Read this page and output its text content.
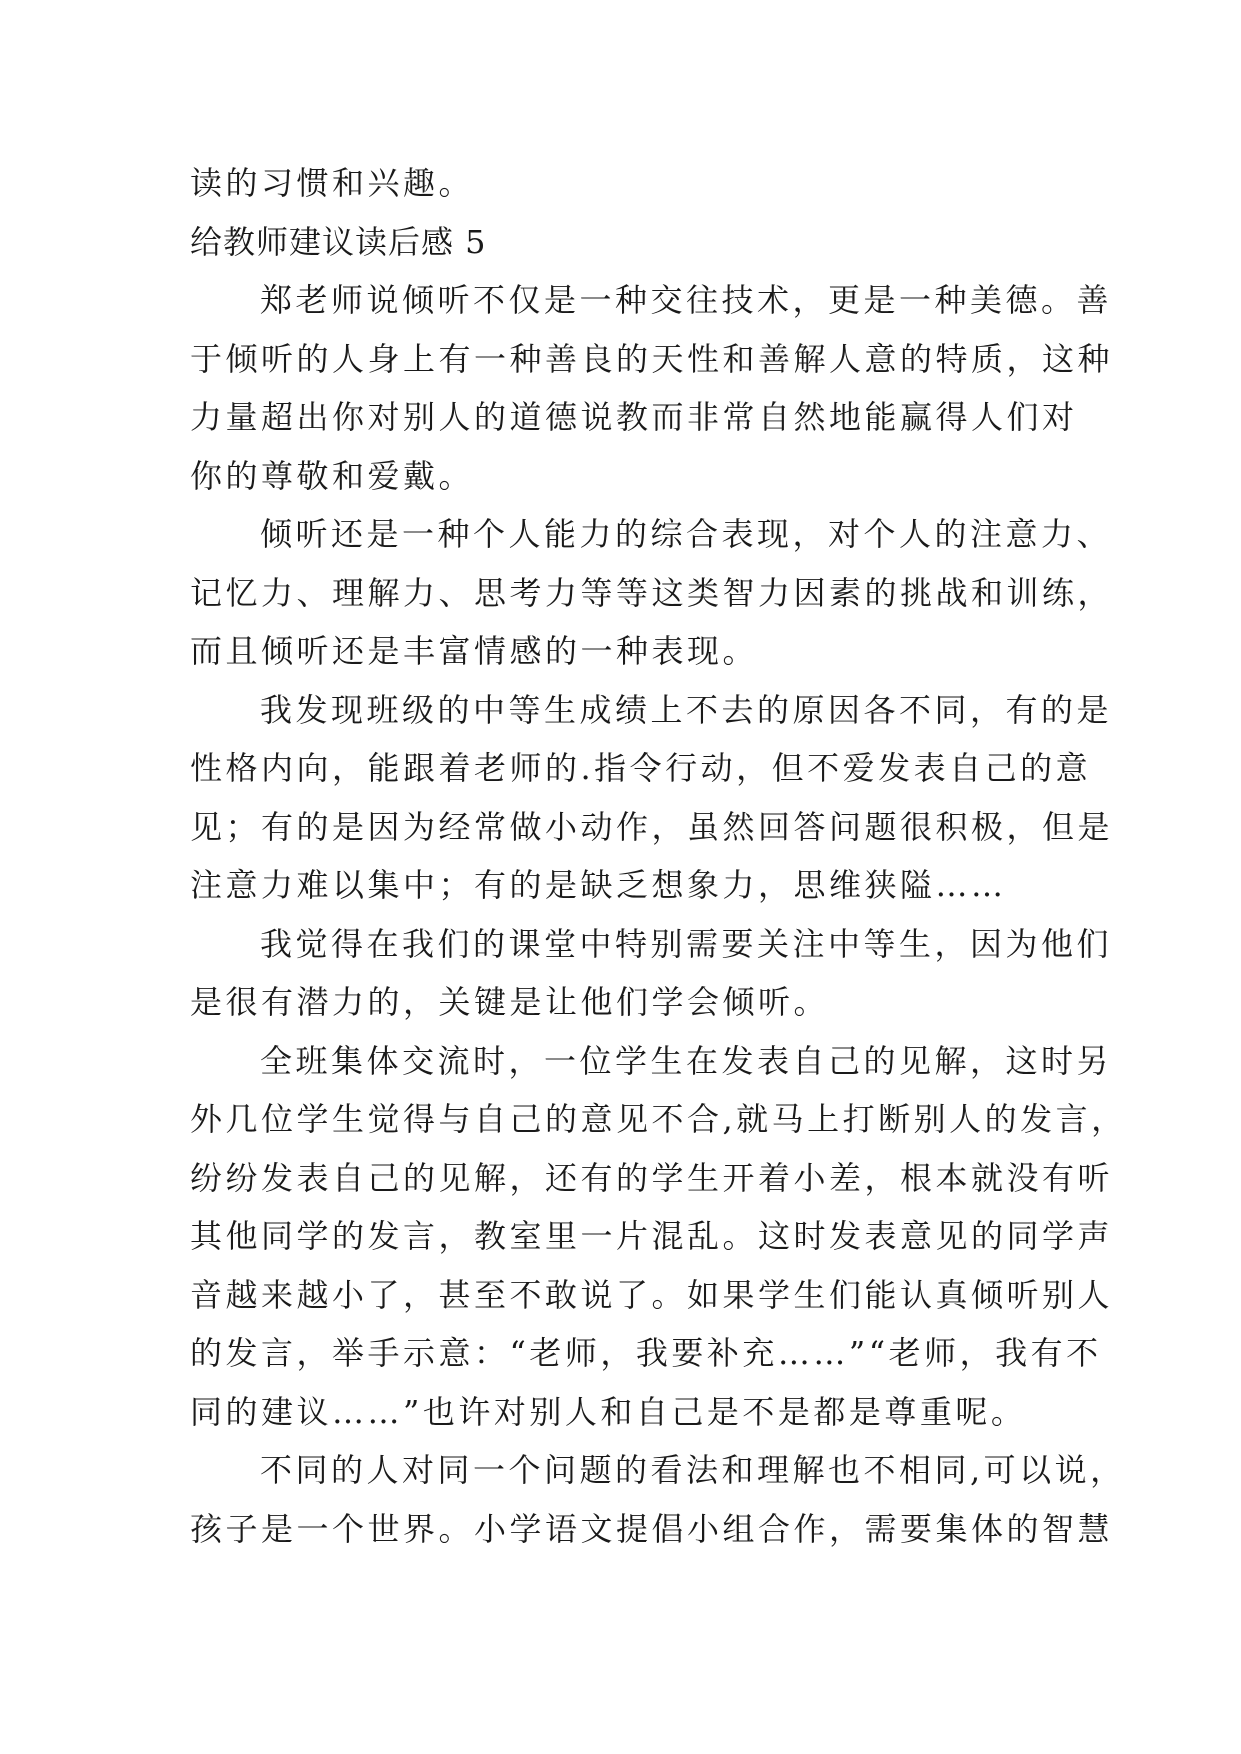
读的习惯和兴趣。
给教师建议读后感 5
郑老师说倾听不仅是一种交往技术，更是一种美德。善
于倾听的人身上有一种善良的天性和善解人意的特质，这种
力量超出你对别人的道德说教而非常自然地能赢得人们对
你的尊敬和爱戴。
倾听还是一种个人能力的综合表现，对个人的注意力、
记忆力、理解力、思考力等等这类智力因素的挑战和训练，
而且倾听还是丰富情感的一种表现。
我发现班级的中等生成绩上不去的原因各不同，有的是
性格内向，能跟着老师的.指令行动，但不爱发表自己的意
见；有的是因为经常做小动作，虽然回答问题很积极，但是
注意力难以集中；有的是缺乏想象力，思维狭隘……
我觉得在我们的课堂中特别需要关注中等生，因为他们
是很有潜力的，关键是让他们学会倾听。
全班集体交流时，一位学生在发表自己的见解，这时另
外几位学生觉得与自己的意见不合,就马上打断别人的发言，
纷纷发表自己的见解，还有的学生开着小差，根本就没有听
其他同学的发言，教室里一片混乱。这时发表意见的同学声
音越来越小了，甚至不敢说了。如果学生们能认真倾听别人
的发言，举手示意：“老师，我要补充……”“老师，我有不
同的建议……”也许对别人和自己是不是都是尊重呢。
不同的人对同一个问题的看法和理解也不相同,可以说，
孩子是一个世界。小学语文提倡小组合作，需要集体的智慧
